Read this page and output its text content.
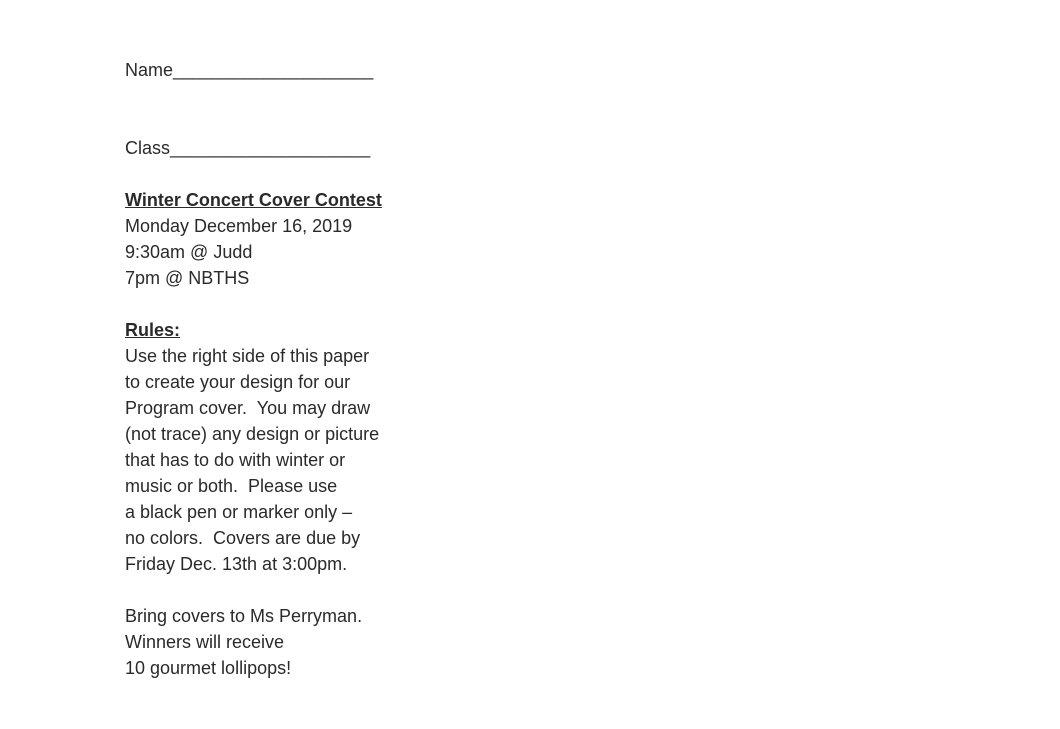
Name____________________
Class____________________
Winter Concert Cover Contest
Monday December 16, 2019
9:30am @ Judd
7pm @ NBTHS
Rules:
Use the right side of this paper
to create your design for our
Program cover.  You may draw
(not trace) any design or picture
that has to do with winter or
music or both.  Please use
a black pen or marker only –
no colors.  Covers are due by
Friday Dec. 13th at 3:00pm.
Bring covers to Ms Perryman.
Winners will receive
10 gourmet lollipops!
